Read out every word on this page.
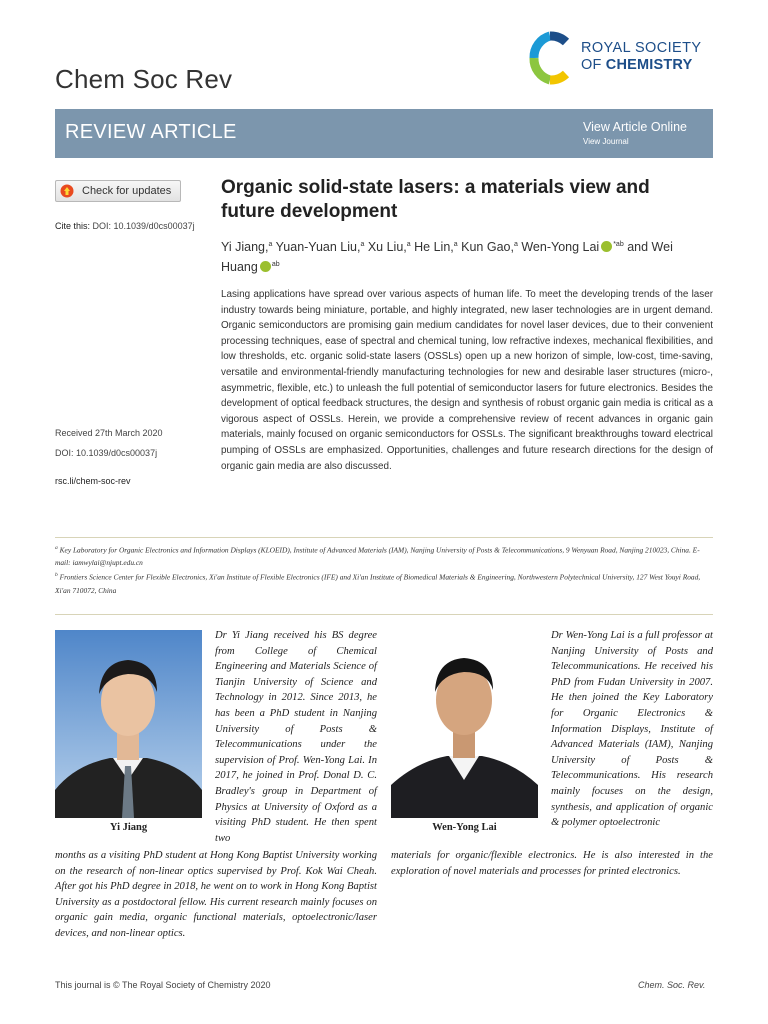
Chem Soc Rev
ROYAL SOCIETY
OF CHEMISTRY
REVIEW ARTICLE	View Article Online
View Journal
Check for updates
Cite this: DOI: 10.1039/d0cs00037j
Received 27th March 2020
DOI: 10.1039/d0cs00037j
rsc.li/chem-soc-rev
Organic solid-state lasers: a materials view and future development
Yi Jiang,$^a$ Yuan-Yuan Liu,$^a$ Xu Liu,$^a$ He Lin,$^a$ Kun Gao,$^a$ Wen-Yong Lai $^{*ab}$ and Wei Huang $^{ab}$
Lasing applications have spread over various aspects of human life. To meet the developing trends of the laser industry towards being miniature, portable, and highly integrated, new laser technologies are in urgent demand. Organic semiconductors are promising gain medium candidates for novel laser devices, due to their convenient processing techniques, ease of spectral and chemical tuning, low refractive indexes, mechanical flexibilities, and low thresholds, etc. organic solid-state lasers (OSSLs) open up a new horizon of simple, low-cost, time-saving, versatile and environmental-friendly manufacturing technologies for new and desirable laser structures (micro-, asymmetric, flexible, etc.) to unleash the full potential of semiconductor lasers for future electronics. Besides the development of optical feedback structures, the design and synthesis of robust organic gain media is critical as a vigorous aspect of OSSLs. Herein, we provide a comprehensive review of recent advances in organic gain materials, mainly focused on organic semiconductors for OSSLs. The significant breakthroughs toward electrical pumping of OSSLs are emphasized. Opportunities, challenges and future research directions for the design of organic gain media are also discussed.
$^a$ Key Laboratory for Organic Electronics and Information Displays (KLOEID), Institute of Advanced Materials (IAM), Nanjing University of Posts & Telecommunications, 9 Wenyuan Road, Nanjing 210023, China. E-mail: iamwylai@njupt.edu.cn
$^b$ Frontiers Science Center for Flexible Electronics, Xi'an Institute of Flexible Electronics (IFE) and Xi'an Institute of Biomedical Materials & Engineering, Northwestern Polytechnical University, 127 West Youyi Road, Xi'an 710072, China
Yi Jiang	Wen-Yong Lai
Dr Yi Jiang received his BS degree from College of Chemical Engineering and Materials Science of Tianjin University of Science and Technology in 2012. Since 2013, he has been a PhD student in Nanjing University of Posts & Telecommunications under the supervision of Prof. Wen-Yong Lai. In 2017, he joined in Prof. Donal D. C. Bradley's group in Department of Physics at University of Oxford as a visiting PhD student. He then spent two
months as a visiting PhD student at Hong Kong Baptist University working on the research of non-linear optics supervised by Prof. Kok Wai Cheah. After got his PhD degree in 2018, he went on to work in Hong Kong Baptist University as a postdoctoral fellow. His current research mainly focuses on organic gain media, organic functional materials, optoelectronic/laser devices, and non-linear optics.
Dr Wen-Yong Lai is a full professor at Nanjing University of Posts and Telecommunications. He received his PhD from Fudan University in 2007. He then joined the Key Laboratory for Organic Electronics & Information Displays, Institute of Advanced Materials (IAM), Nanjing University of Posts & Telecommunications. His research mainly focuses on the design, synthesis, and application of organic & polymer optoelectronic
materials for organic/flexible electronics. He is also interested in the exploration of novel materials and processes for printed electronics.
This journal is © The Royal Society of Chemistry 2020	Chem. Soc. Rev.
